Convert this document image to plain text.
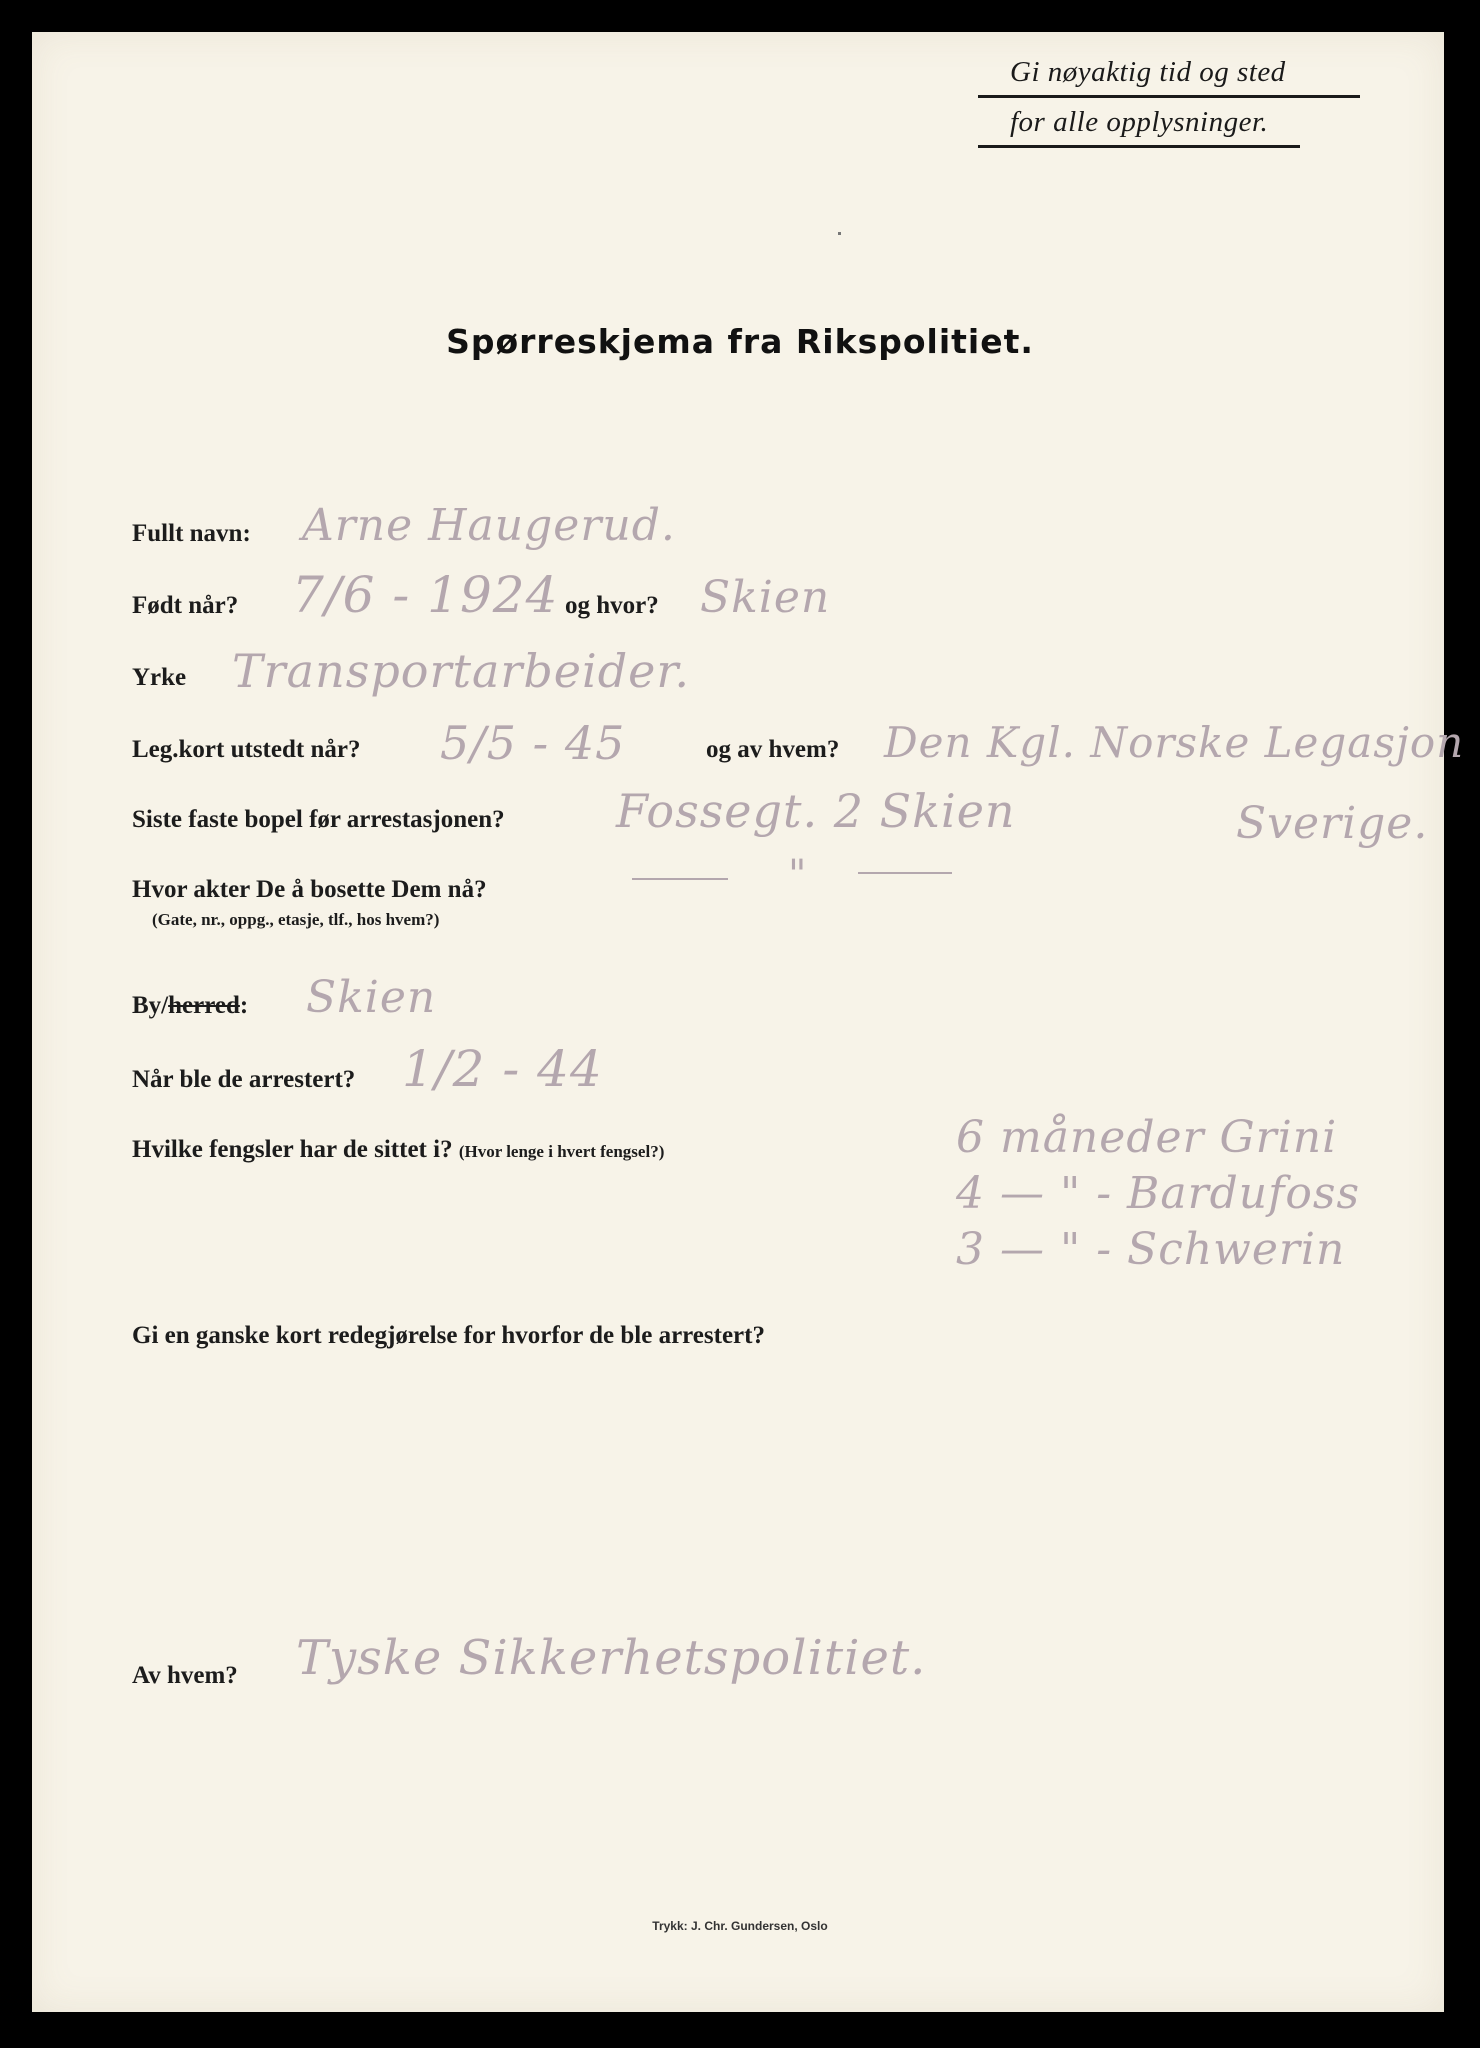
Gi nøyaktig tid og sted
for alle opplysninger.
Spørreskjema fra Rikspolitiet.
Fullt navn: Arne Haugerud.
Født når? 7/6 - 1924 og hvor? Skien
Yrke Transportarbeider.
Leg.kort utstedt når? 5/5 - 45	og av hvem? Den Kgl. Norske Legasjon
Sverige.
Siste faste bopel før arrestasjonen? Fossegt. 2 Skien
Hvor akter De å bosette Dem nå?
(Gate, nr., oppg., etasje, tlf., hos hvem?)
"
By/herred: Skien
Når ble de arrestert? 1/2 - 44
Hvilke fengsler har de sittet i? (Hvor lenge i hvert fengsel?)	6 måneder Grini
4 — " - Bardufoss
3 — " - Schwerin
Gi en ganske kort redegjørelse for hvorfor de ble arrestert?
Av hvem? Tyske Sikkerhetspolitiet.
Trykk: J. Chr. Gundersen, Oslo
